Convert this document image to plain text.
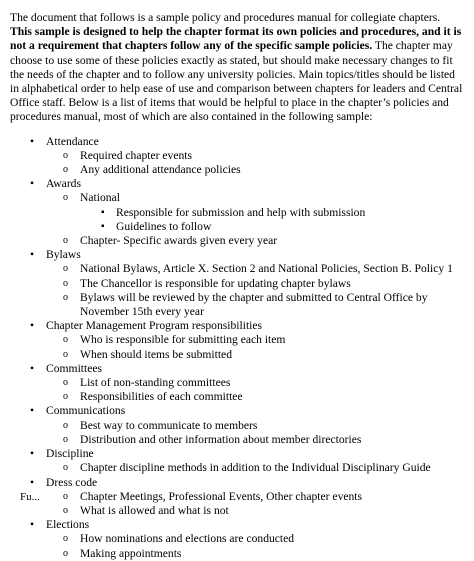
The document that follows is a sample policy and procedures manual for collegiate chapters. This sample is designed to help the chapter format its own policies and procedures, and it is not a requirement that chapters follow any of the specific sample policies. The chapter may choose to use some of these policies exactly as stated, but should make necessary changes to fit the needs of the chapter and to follow any university policies. Main topics/titles should be listed in alphabetical order to help ease of use and comparison between chapters for leaders and Central Office staff. Below is a list of items that would be helpful to place in the chapter’s policies and procedures manual, most of which are also contained in the following sample:

• Attendance
o Required chapter events
o Any additional attendance policies
• Awards
o National
▪ Responsible for submission and help with submission
▪ Guidelines to follow
o Chapter- Specific awards given every year
• Bylaws
o National Bylaws, Article X. Section 2 and National Policies, Section B. Policy 1
o The Chancellor is responsible for updating chapter bylaws
o Bylaws will be reviewed by the chapter and submitted to Central Office by November 15th every year
• Chapter Management Program responsibilities
o Who is responsible for submitting each item
o When should items be submitted
• Committees
o List of non-standing committees
o Responsibilities of each committee
• Communications
o Best way to communicate to members
o Distribution and other information about member directories
• Discipline
o Chapter discipline methods in addition to the Individual Disciplinary Guide
• Dress code
o Chapter Meetings, Professional Events, Other chapter events
o What is allowed and what is not
• Elections
o How nominations and elections are conducted
o Making appointments
Fu...
